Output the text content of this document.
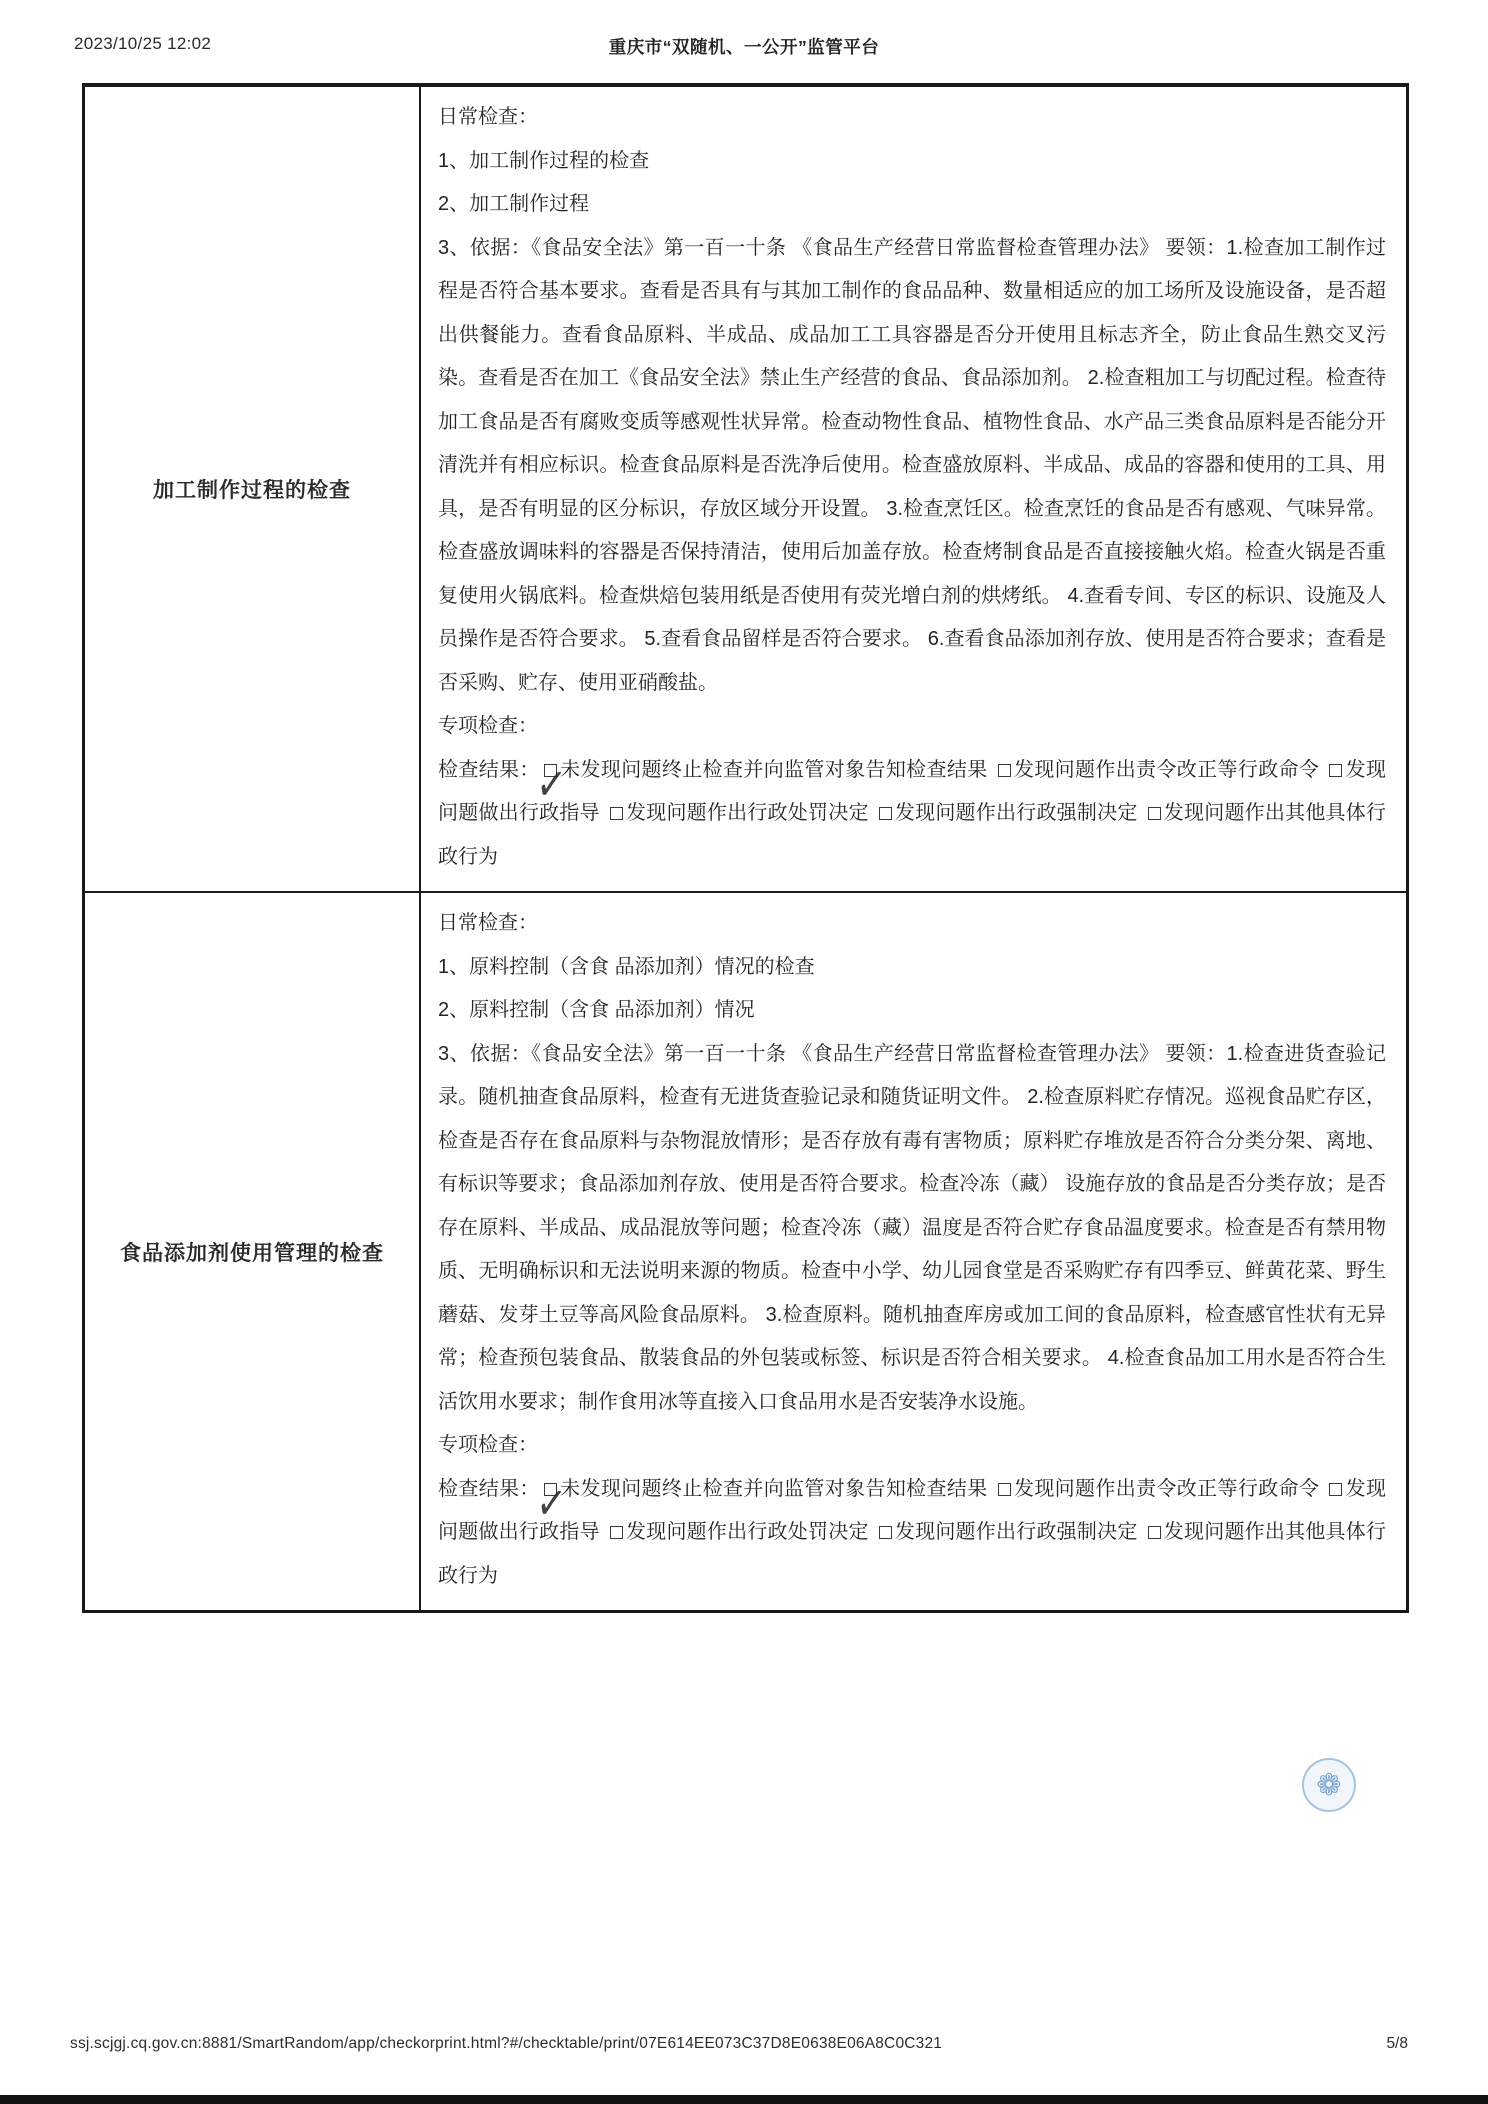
2023/10/25 12:02	重庆市“双随机、一公开”监管平台
加工制作过程的检查
日常检查：
1、加工制作过程的检查
2、加工制作过程
3、依据：《食品安全法》第一百一十条 《食品生产经营日常监督检查管理办法》 要领：1.检查加工制作过程是否符合基本要求。查看是否具有与其加工制作的食品品种、数量相适应的加工场所及设施设备，是否超出供餐能力。查看食品原料、半成品、成品加工工具容器是否分开使用且标志齐全，防止食品生熟交叉污染。查看是否在加工《食品安全法》禁止生产经营的食品、食品添加剂。 2.检查粗加工与切配过程。检查待加工食品是否有腐败变质等感观性状异常。检查动物性食品、植物性食品、水产品三类食品原料是否能分开清洗并有相应标识。检查食品原料是否洗净后使用。检查盛放原料、半成品、成品的容器和使用的工具、用具，是否有明显的区分标识，存放区域分开设置。 3.检查烹饪区。检查烹饪的食品是否有感观、气味异常。检查盛放调味料的容器是否保持清洁，使用后加盖存放。检查烤制食品是否直接接触火焰。检查火锅是否重复使用火锅底料。检查烘焙包装用纸是否使用有荧光增白剂的烘烤纸。 4.查看专间、专区的标识、设施及人员操作是否符合要求。 5.查看食品留样是否符合要求。 6.查看食品添加剂存放、使用是否符合要求；查看是否采购、贮存、使用亚硝酸盐。
专项检查：
检查结果：
✓
未发现问题终止检查并向监管对象告知检查结果 发现问题作出责令改正等行政命令 发现问题做出行政指导 发现问题作出行政处罚决定 发现问题作出行政强制决定 发现问题作出其他具体行政行为
食品添加剂使用管理的检查
日常检查：
1、原料控制（含食 品添加剂）情况的检查
2、原料控制（含食 品添加剂）情况
3、依据：《食品安全法》第一百一十条 《食品生产经营日常监督检查管理办法》 要领：1.检查进货查验记录。随机抽查食品原料，检查有无进货查验记录和随货证明文件。 2.检查原料贮存情况。巡视食品贮存区，检查是否存在食品原料与杂物混放情形；是否存放有毒有害物质；原料贮存堆放是否符合分类分架、离地、有标识等要求；食品添加剂存放、使用是否符合要求。检查冷冻（藏） 设施存放的食品是否分类存放；是否存在原料、半成品、成品混放等问题；检查冷冻（藏）温度是否符合贮存食品温度要求。检查是否有禁用物质、无明确标识和无法说明来源的物质。检查中小学、幼儿园食堂是否采购贮存有四季豆、鲜黄花菜、野生蘑菇、发芽土豆等高风险食品原料。 3.检查原料。随机抽查库房或加工间的食品原料，检查感官性状有无异常；检查预包装食品、散装食品的外包装或标签、标识是否符合相关要求。 4.检查食品加工用水是否符合生活饮用水要求；制作食用冰等直接入口食品用水是否安装净水设施。
专项检查：
检查结果：
✓
未发现问题终止检查并向监管对象告知检查结果 发现问题作出责令改正等行政命令 发现问题做出行政指导 发现问题作出行政处罚决定 发现问题作出行政强制决定 发现问题作出其他具体行政行为
❁
ssj.scjgj.cq.gov.cn:8881/SmartRandom/app/checkorprint.html?#/checktable/print/07E614EE073C37D8E0638E06A8C0C321	5/8
